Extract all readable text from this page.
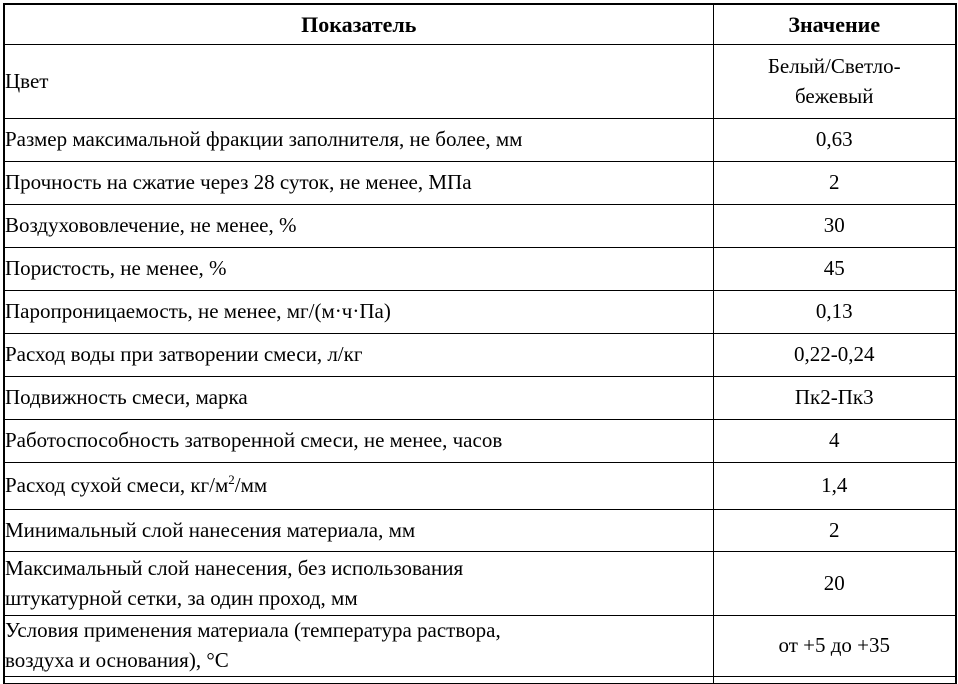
Показатель	Значение
Цвет	Белый/Светло-
бежевый
Размер максимальной фракции заполнителя, не более, мм	0,63
Прочность на сжатие через 28 суток, не менее, МПа	2
Воздухововлечение, не менее, %	30
Пористость, не менее, %	45
Паропроницаемость, не менее, мг/(м·ч·Па)	0,13
Расход воды при затворении смеси, л/кг	0,22-0,24
Подвижность смеси, марка	Пк2-Пк3
Работоспособность затворенной смеси, не менее, часов	4
Расход сухой смеси, $кг/м^2/мм$	1,4
Минимальный слой нанесения материала, мм	2
Максимальный слой нанесения, без использования
штукатурной сетки, за один проход, мм	20
Условия применения материала (температура раствора,
воздуха и основания), °С	от +5 до +35
